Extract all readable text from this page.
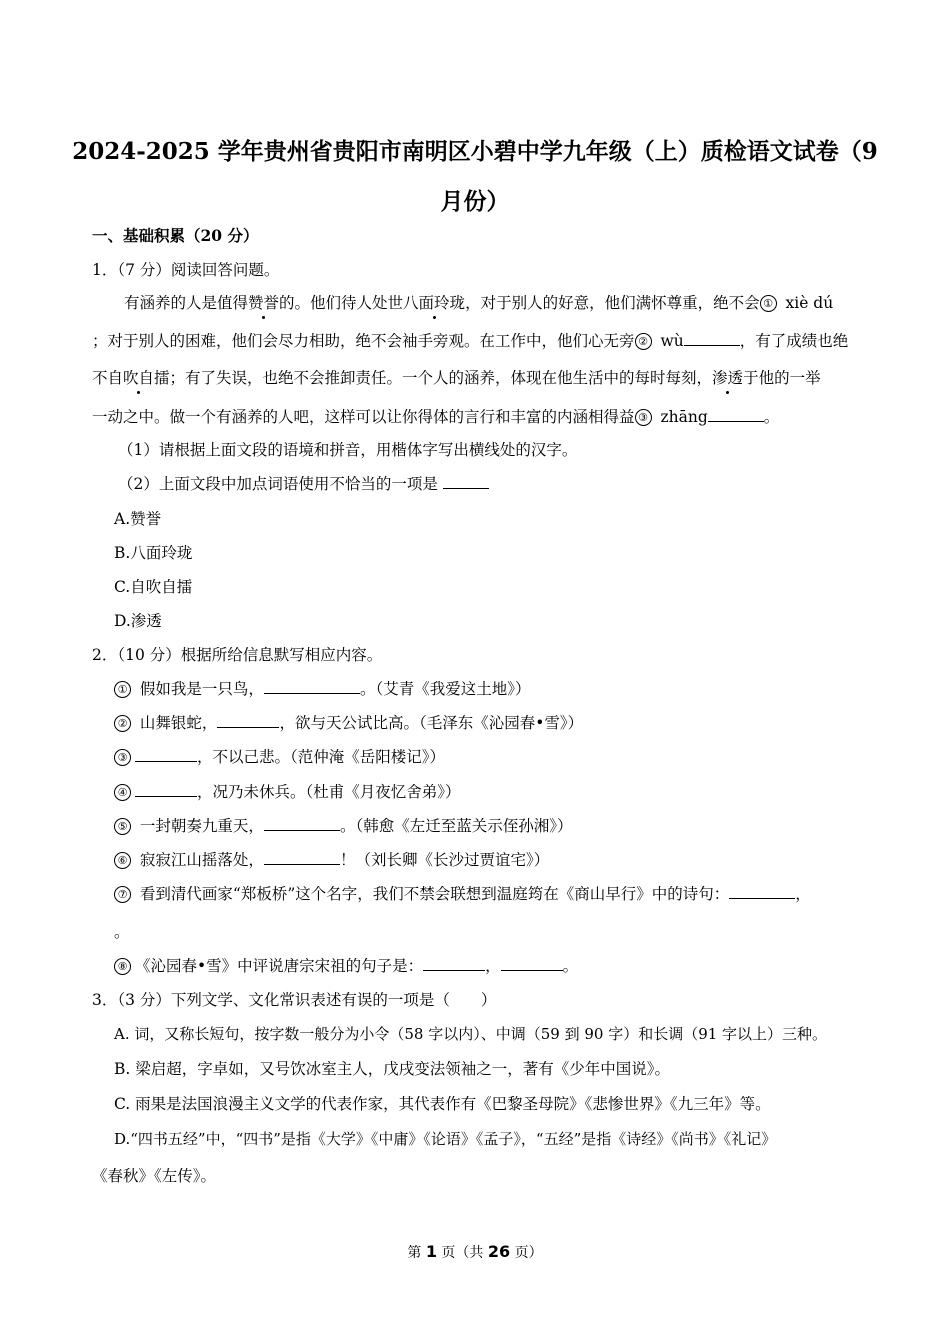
2024-2025 学年贵州省贵阳市南明区小碧中学九年级（上）质检语文试卷（9
月份）
一、基础积累（20 分）
1．（7 分）阅读回答问题。
有涵养的人是值得赞誉的。他们待人处世八面玲珑，对于别人的好意，他们满怀尊重，绝不会 ① xiè dú
；对于别人的困难，他们会尽力相助，绝不会袖手旁观。在工作中，他们心无旁 ② wù	，有了成绩也绝
不自吹自擂；有了失误，也绝不会推卸责任。一个人的涵养，体现在他生活中的每时每刻，渗透于他的一举
一动之中。做一个有涵养的人吧，这样可以让你得体的言行和丰富的内涵相得益 ③ zhāng	。
（1）请根据上面文段的语境和拼音，用楷体字写出横线处的汉字。
（2）上面文段中加点词语使用不恰当的一项是
A.赞誉
B.八面玲珑
C.自吹自擂
D.渗透
2．（10 分）根据所给信息默写相应内容。
① 假如我是一只鸟，	。（艾青《我爱这土地》）
② 山舞银蛇，	，欲与天公试比高。（毛泽东《沁园春•雪》）
③	，不以己悲。（范仲淹《岳阳楼记》）
④	，况乃未休兵。（杜甫《月夜忆舍弟》）
⑤ 一封朝奏九重天，	。（韩愈《左迁至蓝关示侄孙湘》）
⑥ 寂寂江山摇落处，	！（刘长卿《长沙过贾谊宅》）
⑦ 看到清代画家“郑板桥”这个名字，我们不禁会联想到温庭筠在《商山早行》中的诗句：	，
。
⑧ 《沁园春•雪》中评说唐宗宋祖的句子是：	，	。
3．（3 分）下列文学、文化常识表述有误的一项是（　　）
A. 词，又称长短句，按字数一般分为小令（58 字以内）、中调（59 到 90 字）和长调（91 字以上）三种。
B. 梁启超，字卓如，又号饮冰室主人，戊戌变法领袖之一，著有《少年中国说》。
C. 雨果是法国浪漫主义文学的代表作家，其代表作有《巴黎圣母院》《悲惨世界》《九三年》等。
D.“四书五经”中，“四书”是指《大学》《中庸》《论语》《孟子》，“五经”是指《诗经》《尚书》《礼记》
《春秋》《左传》。
第 1 页（共 26 页）
